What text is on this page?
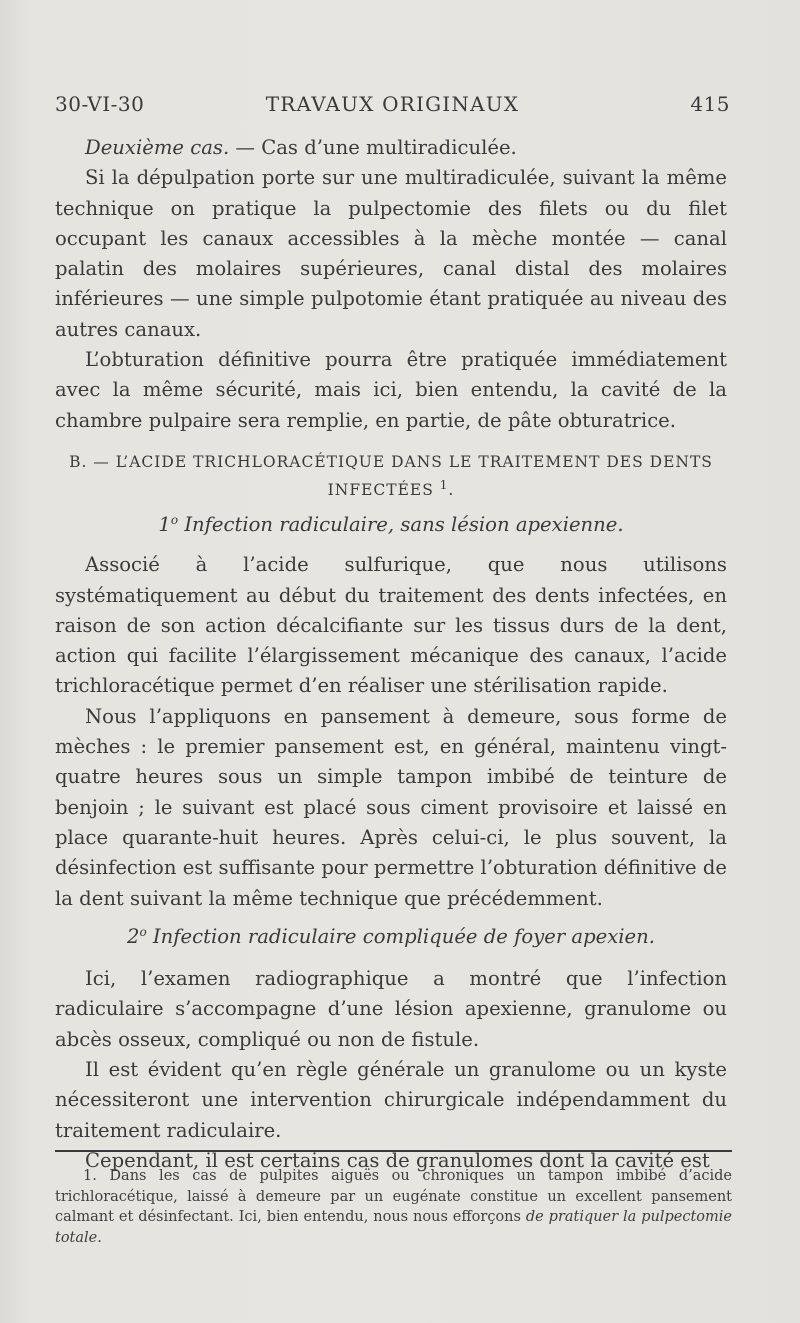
30-VI-30	TRAVAUX ORIGINAUX	415

Deuxième cas. — Cas d’une multiradiculée.

Si la dépulpation porte sur une multiradiculée, suivant la même technique on pratique la pulpectomie des filets ou du filet occupant les canaux accessibles à la mèche montée — canal palatin des molaires supérieures, canal distal des molaires inférieures — une simple pulpotomie étant pratiquée au niveau des autres canaux.

L’obturation définitive pourra être pratiquée immédiatement avec la même sécurité, mais ici, bien entendu, la cavité de la chambre pulpaire sera remplie, en partie, de pâte obturatrice.

B. — L’ACIDE TRICHLORACÉTIQUE DANS LE TRAITEMENT DES DENTS INFECTÉES $^1$.
1$^o$ Infection radiculaire, sans lésion apexienne.

Associé à l’acide sulfurique, que nous utilisons systématiquement au début du traitement des dents infectées, en raison de son action décalcifiante sur les tissus durs de la dent, action qui facilite l’élargissement mécanique des canaux, l’acide trichloracétique permet d’en réaliser une stérilisation rapide.

Nous l’appliquons en pansement à demeure, sous forme de mèches : le premier pansement est, en général, maintenu vingt-quatre heures sous un simple tampon imbibé de teinture de benjoin ; le suivant est placé sous ciment provisoire et laissé en place quarante-huit heures. Après celui-ci, le plus souvent, la désinfection est suffisante pour permettre l’obturation définitive de la dent suivant la même technique que précédemment.

2$^o$ Infection radiculaire compliquée de foyer apexien.

Ici, l’examen radiographique a montré que l’infection radiculaire s’accompagne d’une lésion apexienne, granulome ou abcès osseux, compliqué ou non de fistule.

Il est évident qu’en règle générale un granulome ou un kyste nécessiteront une intervention chirurgicale indépendamment du traitement radiculaire.

Cependant, il est certains cas de granulomes dont la cavité est

1. Dans les cas de pulpites aiguës ou chroniques un tampon imbibé d’acide trichloracétique, laissé à demeure par un eugénate constitue un excellent pansement calmant et désinfectant. Ici, bien entendu, nous nous efforçons de pratiquer la pulpectomie totale.
